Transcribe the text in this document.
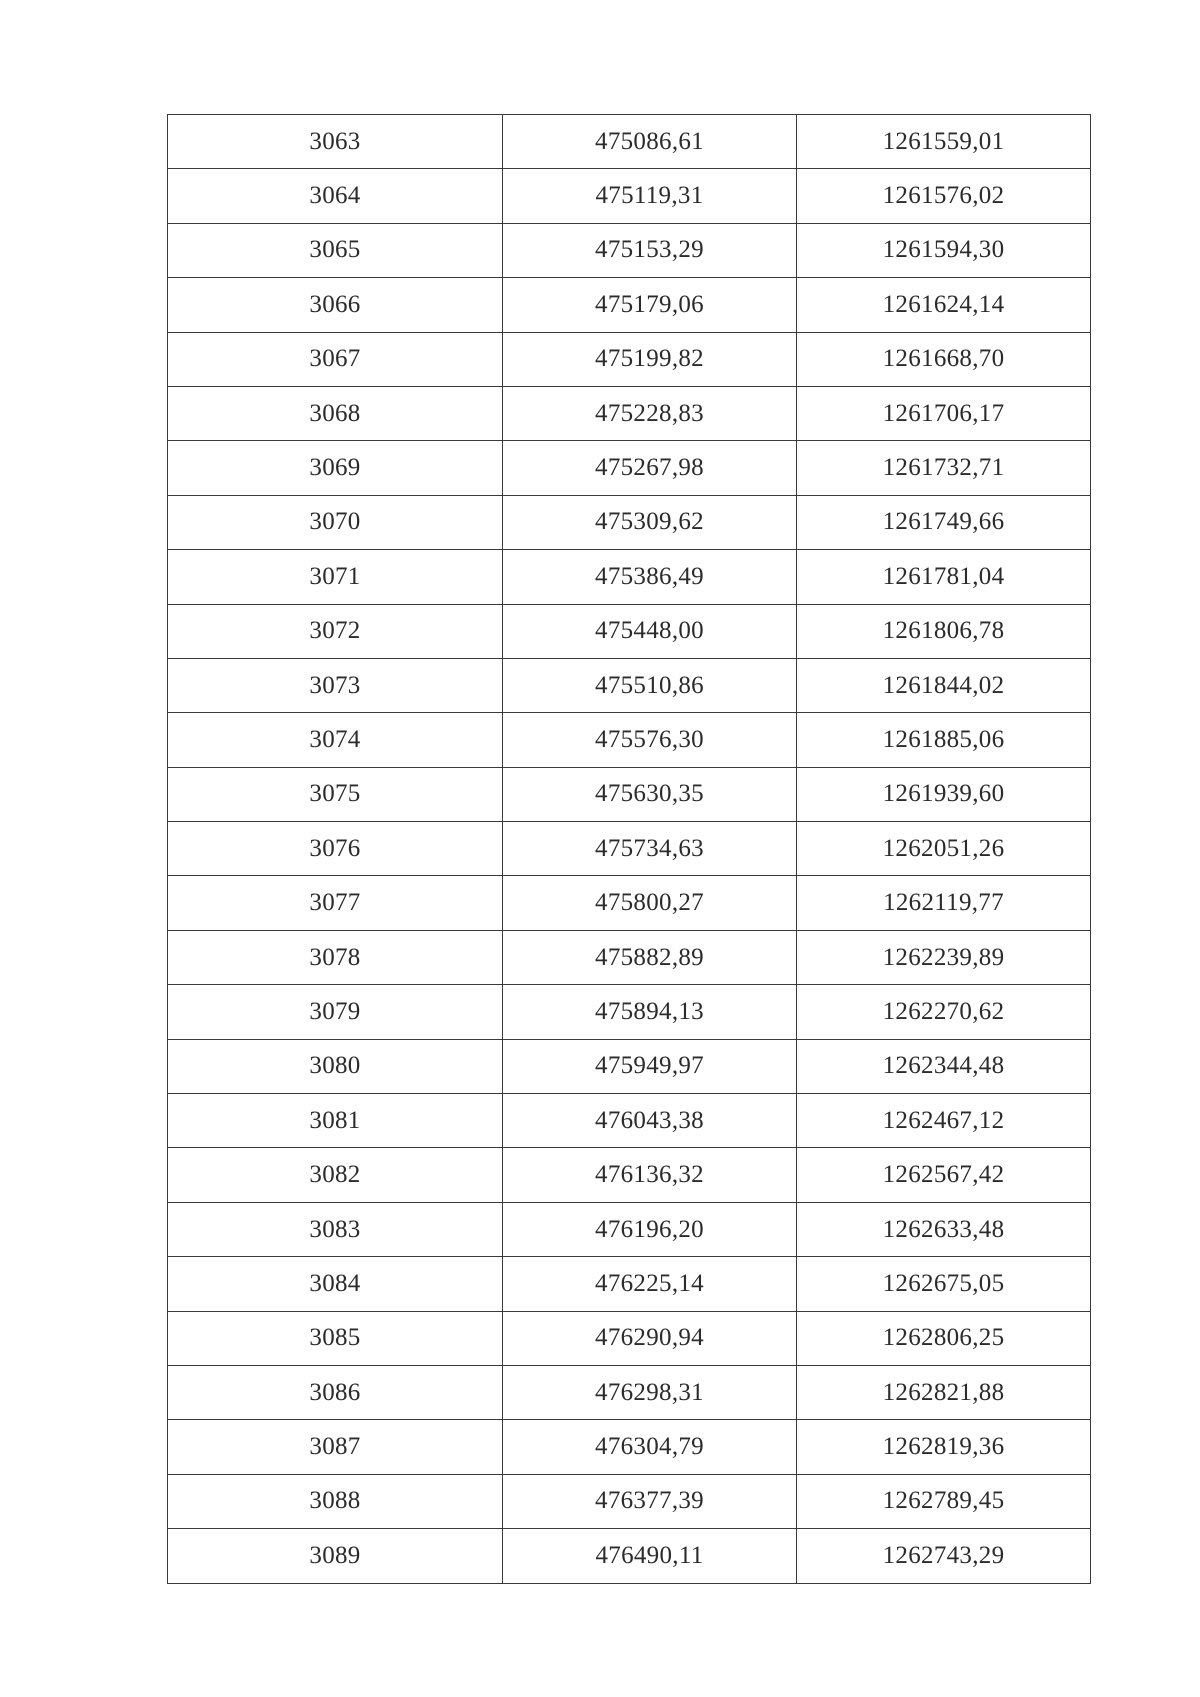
3063	475086,61	1261559,01
3064	475119,31	1261576,02
3065	475153,29	1261594,30
3066	475179,06	1261624,14
3067	475199,82	1261668,70
3068	475228,83	1261706,17
3069	475267,98	1261732,71
3070	475309,62	1261749,66
3071	475386,49	1261781,04
3072	475448,00	1261806,78
3073	475510,86	1261844,02
3074	475576,30	1261885,06
3075	475630,35	1261939,60
3076	475734,63	1262051,26
3077	475800,27	1262119,77
3078	475882,89	1262239,89
3079	475894,13	1262270,62
3080	475949,97	1262344,48
3081	476043,38	1262467,12
3082	476136,32	1262567,42
3083	476196,20	1262633,48
3084	476225,14	1262675,05
3085	476290,94	1262806,25
3086	476298,31	1262821,88
3087	476304,79	1262819,36
3088	476377,39	1262789,45
3089	476490,11	1262743,29
